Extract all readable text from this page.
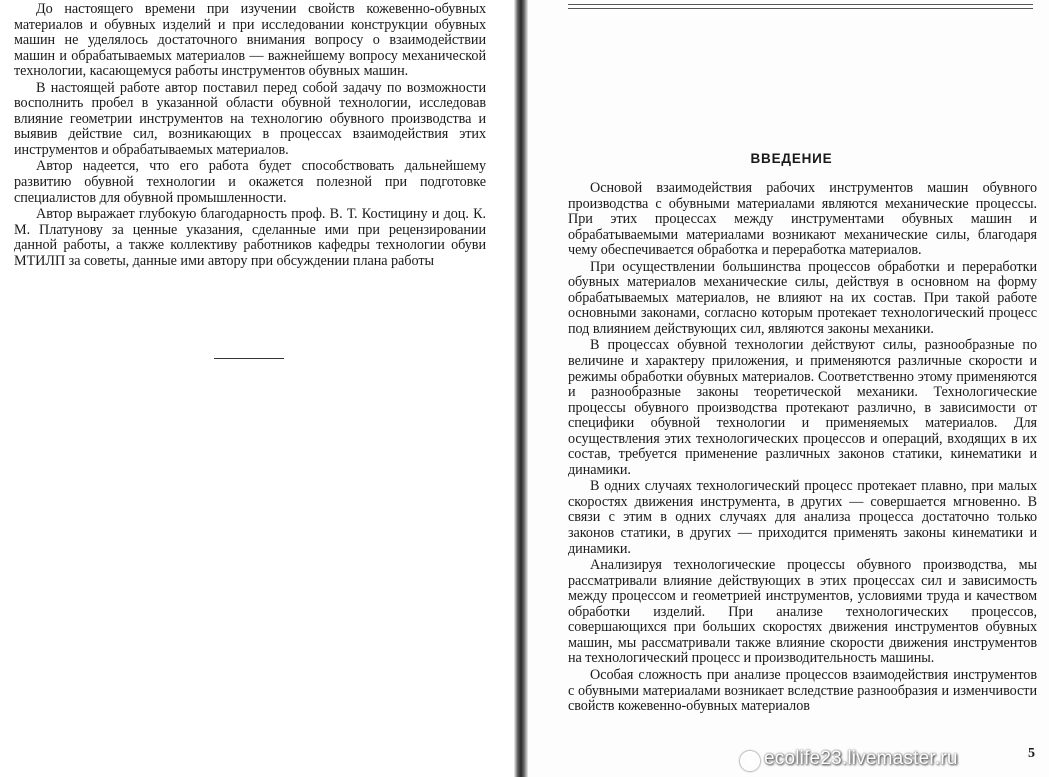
До настоящего времени при изучении свойств кожевенно-обувных материалов и обувных изделий и при исследовании конструкции обувных машин не уделялось достаточного внимания вопросу о взаимодействии машин и обрабатываемых материалов — важнейшему вопросу механической технологии, касающемуся работы инструментов обувных машин.

В настоящей работе автор поставил перед собой задачу по возможности восполнить пробел в указанной области обувной технологии, исследовав влияние геометрии инструментов на технологию обувного производства и выявив действие сил, возникающих в процессах взаимодействия этих инструментов и обрабатываемых материалов.

Автор надеется, что его работа будет способствовать дальнейшему развитию обувной технологии и окажется полезной при подготовке специалистов для обувной промышленности.

Автор выражает глубокую благодарность проф. В. Т. Костицину и доц. К. М. Платунову за ценные указания, сделанные ими при рецензировании данной работы, а также коллективу работников кафедры технологии обуви МТИЛП за советы, данные ими автору при обсуждении плана работы

ВВЕДЕНИЕ

Основой взаимодействия рабочих инструментов машин обувного производства с обувными материалами являются механические процессы. При этих процессах между инструментами обувных машин и обрабатываемыми материалами возникают механические силы, благодаря чему обеспечивается обработка и переработка материалов.

При осуществлении большинства процессов обработки и переработки обувных материалов механические силы, действуя в основном на форму обрабатываемых материалов, не влияют на их состав. При такой работе основными законами, согласно которым протекает технологический процесс под влиянием действующих сил, являются законы механики.

В процессах обувной технологии действуют силы, разнообразные по величине и характеру приложения, и применяются различные скорости и режимы обработки обувных материалов. Соответственно этому применяются и разнообразные законы теоретической механики. Технологические процессы обувного производства протекают различно, в зависимости от специфики обувной технологии и применяемых материалов. Для осуществления этих технологических процессов и операций, входящих в их состав, требуется применение различных законов статики, кинематики и динамики.

В одних случаях технологический процесс протекает плавно, при малых скоростях движения инструмента, в других — совершается мгновенно. В связи с этим в одних случаях для анализа процесса достаточно только законов статики, в других — приходится применять законы кинематики и динамики.

Анализируя технологические процессы обувного производства, мы рассматривали влияние действующих в этих процессах сил и зависимость между процессом и геометрией инструментов, условиями труда и качеством обработки изделий. При анализе технологических процессов, совершающихся при больших скоростях движения инструментов обувных машин, мы рассматривали также влияние скорости движения инструментов на технологический процесс и производительность машины.

Особая сложность при анализе процессов взаимодействия инструментов с обувными материалами возникает вследствие разнообразия и изменчивости свойств кожевенно-обувных материалов

5
ecolife23.livemaster.ru
